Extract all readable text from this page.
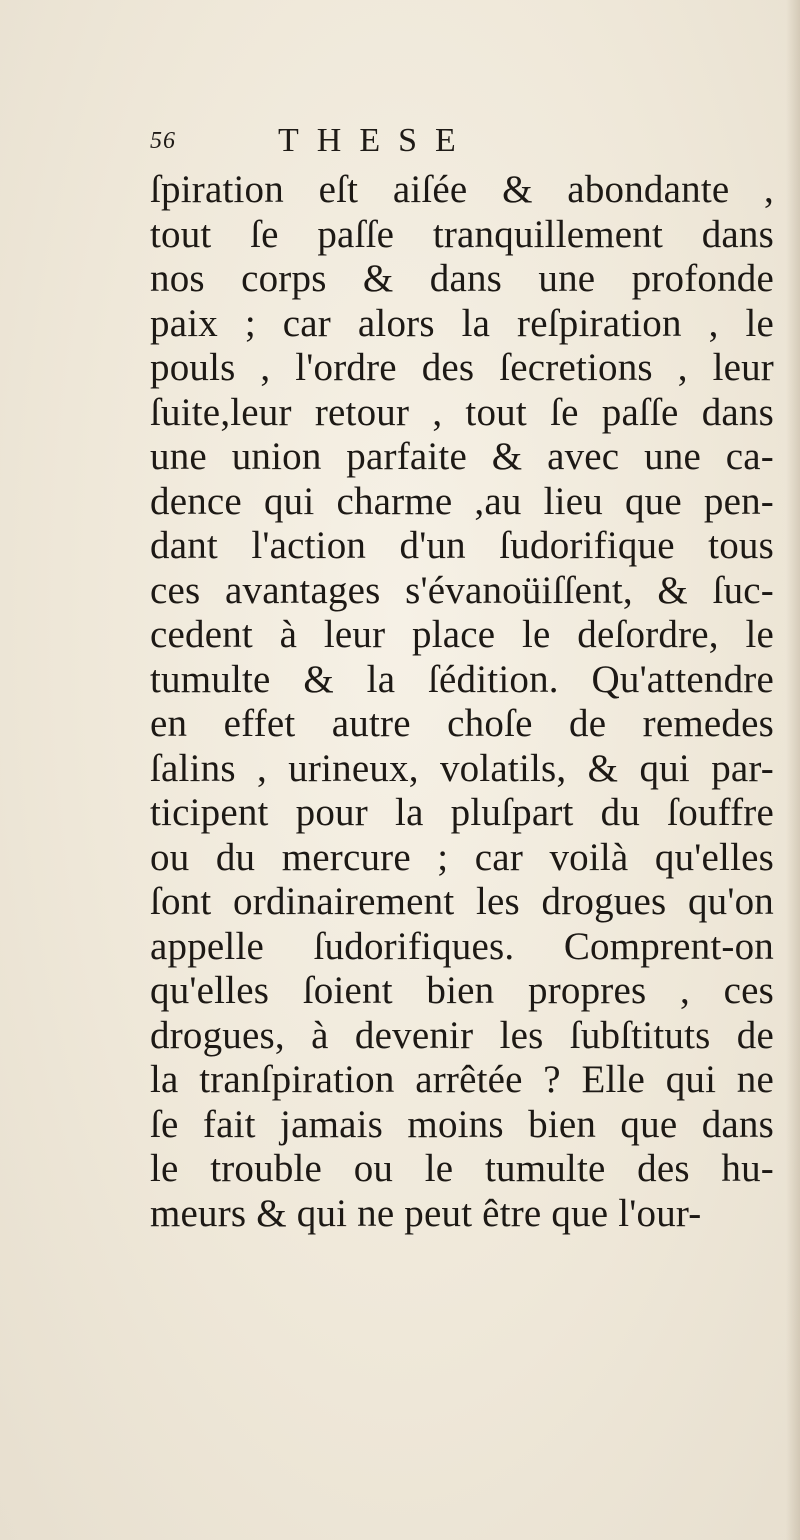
56	THESE
ſpiration eſt aiſée & abondante ,
tout ſe paſſe tranquillement dans
nos corps & dans une profonde
paix ; car alors la reſpiration , le
pouls , l'ordre des ſecretions , leur
ſuite,leur retour , tout ſe paſſe dans
une union parfaite & avec une ca-
dence qui charme ,au lieu que pen-
dant l'action d'un ſudorifique tous
ces avantages s'évanoüiſſent, & ſuc-
cedent à leur place le deſordre, le
tumulte & la ſédition. Qu'attendre
en effet autre choſe de remedes
ſalins , urineux, volatils, & qui par-
ticipent pour la pluſpart du ſouffre
ou du mercure ; car voilà qu'elles
ſont ordinairement les drogues qu'on
appelle ſudorifiques. Comprent-on
qu'elles ſoient bien propres , ces
drogues, à devenir les ſubſtituts de
la tranſpiration arrêtée ? Elle qui ne
ſe fait jamais moins bien que dans
le trouble ou le tumulte des hu-
meurs & qui ne peut être que l'our-
